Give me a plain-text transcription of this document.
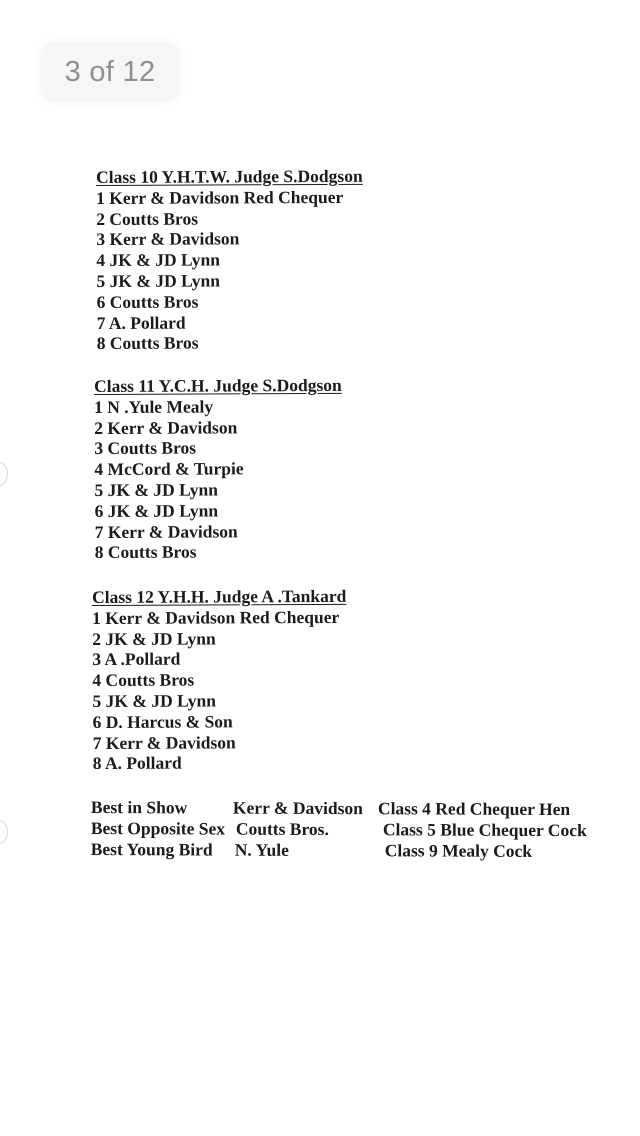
3 of 12
Class 10 Y.H.T.W. Judge S.Dodgson
1 Kerr & Davidson Red Chequer
2 Coutts Bros
3 Kerr & Davidson
4 JK & JD Lynn
5 JK & JD Lynn
6 Coutts Bros
7 A. Pollard
8 Coutts Bros
Class 11 Y.C.H. Judge S.Dodgson
1 N .Yule Mealy
2 Kerr & Davidson
3 Coutts Bros
4 McCord & Turpie
5 JK & JD Lynn
6 JK & JD Lynn
7 Kerr & Davidson
8 Coutts Bros
Class 12 Y.H.H. Judge A .Tankard
1 Kerr & Davidson Red Chequer
2 JK & JD Lynn
3 A .Pollard
4 Coutts Bros
5 JK & JD Lynn
6 D. Harcus & Son
7 Kerr & Davidson
8 A. Pollard
Best in Show	Kerr & Davidson Class 4 Red Chequer Hen
Best Opposite Sex Coutts Bros.	Class 5 Blue Chequer Cock
Best Young Bird N. Yule	Class 9 Mealy Cock
